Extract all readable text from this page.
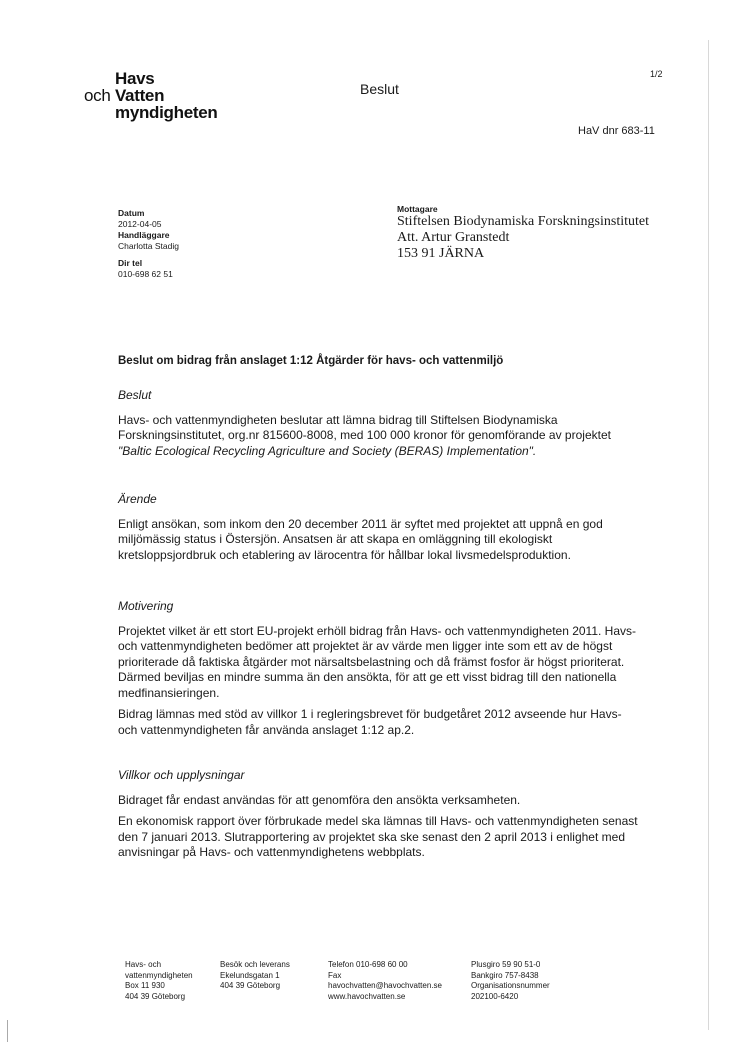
Havs
och Vatten
myndigheten
Beslut
1/2
HaV dnr 683-11
Datum
2012-04-05
Handläggare
Charlotta Stadig
Dir tel
010-698 62 51
Mottagare
Stiftelsen Biodynamiska Forskningsinstitutet
Att. Artur Granstedt
153 91 JÄRNA
Beslut om bidrag från anslaget 1:12 Åtgärder för havs- och vattenmiljö
Beslut

Havs- och vattenmyndigheten beslutar att lämna bidrag till Stiftelsen Biodynamiska Forskningsinstitutet, org.nr 815600-8008, med 100 000 kronor för genomförande av projektet "Baltic Ecological Recycling Agriculture and Society (BERAS) Implementation".

Ärende

Enligt ansökan, som inkom den 20 december 2011 är syftet med projektet att uppnå en god miljömässig status i Östersjön. Ansatsen är att skapa en omläggning till ekologiskt kretsloppsjordbruk och etablering av lärocentra för hållbar lokal livsmedelsproduktion.

Motivering

Projektet vilket är ett stort EU-projekt erhöll bidrag från Havs- och vattenmyndigheten 2011. Havs- och vattenmyndigheten bedömer att projektet är av värde men ligger inte som ett av de högst prioriterade då faktiska åtgärder mot närsaltsbelastning och då främst fosfor är högst prioriterat. Därmed beviljas en mindre summa än den ansökta, för att ge ett visst bidrag till den nationella medfinansieringen.

Bidrag lämnas med stöd av villkor 1 i regleringsbrevet för budgetåret 2012 avseende hur Havs- och vattenmyndigheten får använda anslaget 1:12 ap.2.

Villkor och upplysningar

Bidraget får endast användas för att genomföra den ansökta verksamheten.

En ekonomisk rapport över förbrukade medel ska lämnas till Havs- och vattenmyndigheten senast den 7 januari 2013. Slutrapportering av projektet ska ske senast den 2 april 2013 i enlighet med anvisningar på Havs- och vattenmyndighetens webbplats.

Havs- och
vattenmyndigheten
Box 11 930
404 39 Göteborg
Besök och leverans
Ekelundsgatan 1
404 39 Göteborg
Telefon 010-698 60 00
Fax
havochvatten@havochvatten.se
www.havochvatten.se
Plusgiro 59 90 51-0
Bankgiro 757-8438
Organisationsnummer
202100-6420
